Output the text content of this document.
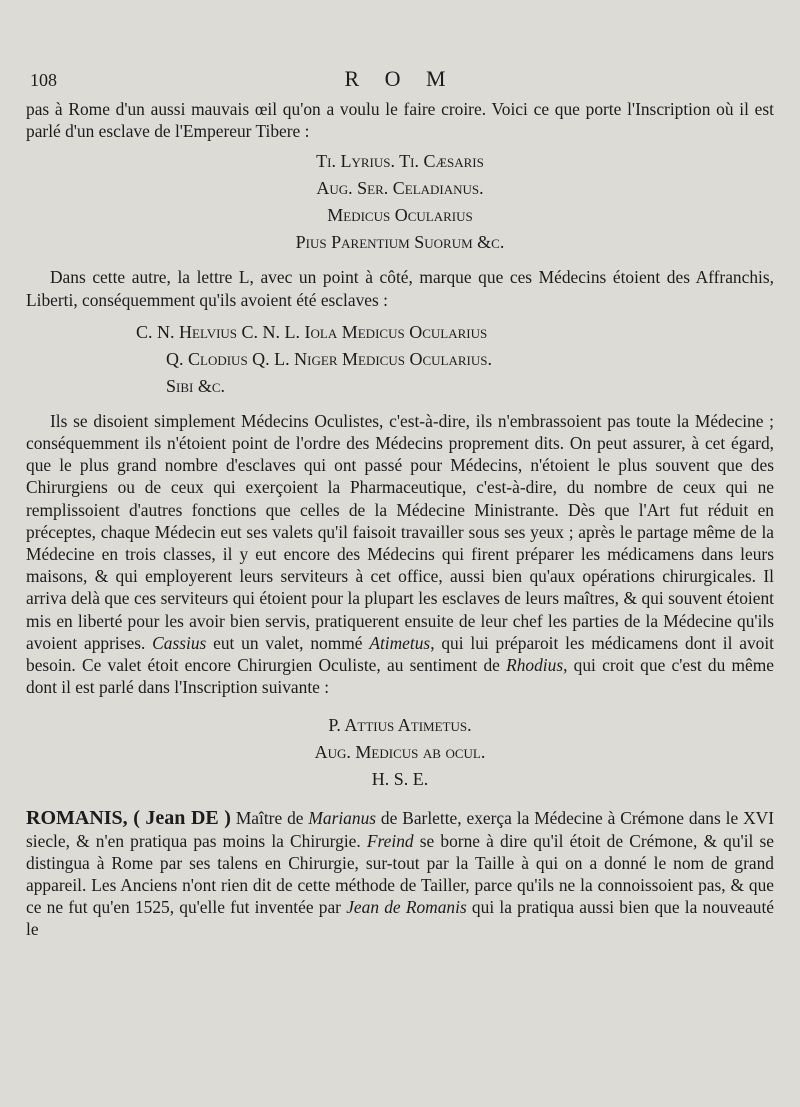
108	R O M

pas à Rome d'un aussi mauvais œil qu'on a voulu le faire croire. Voici ce que porte l'Inscription où il est parlé d'un esclave de l'Empereur Tibere :

Ti. Lyrius. Ti. Cæsaris
Aug. Ser. Celadianus.
Medicus Ocularius
Pius Parentium Suorum &c.

Dans cette autre, la lettre L, avec un point à côté, marque que ces Médecins étoient des Affranchis, Liberti, conséquemment qu'ils avoient été esclaves :

C. N. Helvius C. N. L. Iola Medicus Ocularius
Q. Clodius Q. L. Niger Medicus Ocularius.
Sibi &c.

Ils se disoient simplement Médecins Oculistes, c'est-à-dire, ils n'embrassoient pas toute la Médecine ; conséquemment ils n'étoient point de l'ordre des Médecins proprement dits. On peut assurer, à cet égard, que le plus grand nombre d'esclaves qui ont passé pour Médecins, n'étoient le plus souvent que des Chirurgiens ou de ceux qui exerçoient la Pharmaceutique, c'est-à-dire, du nombre de ceux qui ne remplissoient d'autres fonctions que celles de la Médecine Ministrante. Dès que l'Art fut réduit en préceptes, chaque Médecin eut ses valets qu'il faisoit travailler sous ses yeux ; après le partage même de la Médecine en trois classes, il y eut encore des Médecins qui firent préparer les médicamens dans leurs maisons, & qui employerent leurs serviteurs à cet office, aussi bien qu'aux opérations chirurgicales. Il arriva delà que ces serviteurs qui étoient pour la plupart les esclaves de leurs maîtres, & qui souvent étoient mis en liberté pour les avoir bien servis, pratiquerent ensuite de leur chef les parties de la Médecine qu'ils avoient apprises. Cassius eut un valet, nommé Atimetus, qui lui préparoit les médicamens dont il avoit besoin. Ce valet étoit encore Chirurgien Oculiste, au sentiment de Rhodius, qui croit que c'est du même dont il est parlé dans l'Inscription suivante :

P. Attius Atimetus.
Aug. Medicus ab ocul.
H. S. E.

ROMANIS, ( Jean DE ) Maître de Marianus de Barlette, exerça la Médecine à Crémone dans le XVI siecle, & n'en pratiqua pas moins la Chirurgie. Freind se borne à dire qu'il étoit de Crémone, & qu'il se distingua à Rome par ses talens en Chirurgie, sur-tout par la Taille à qui on a donné le nom de grand appareil. Les Anciens n'ont rien dit de cette méthode de Tailler, parce qu'ils ne la connoissoient pas, & que ce ne fut qu'en 1525, qu'elle fut inventée par Jean de Romanis qui la pratiqua aussi bien que la nouveauté le
